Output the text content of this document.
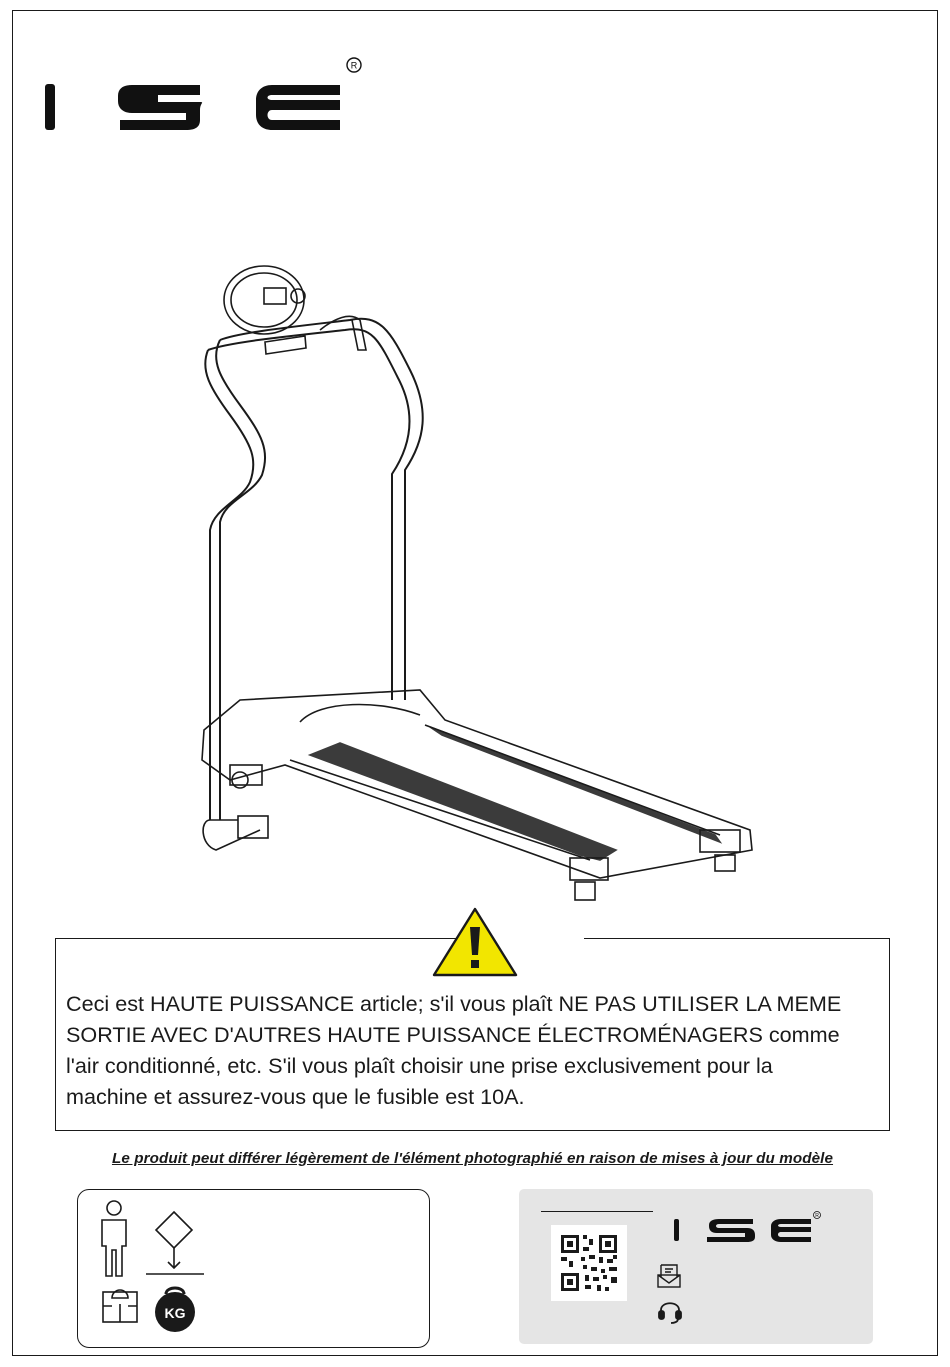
R

Ceci est HAUTE PUISSANCE article; s'il vous plaît NE PAS UTILISER LA MEME
SORTIE AVEC D'AUTRES HAUTE PUISSANCE ÉLECTROMÉNAGERS comme
l'air conditionné, etc. S'il vous plaît choisir une prise exclusivement pour la
machine et assurez-vous que le fusible est 10A.

Le produit peut différer légèrement de l'élément photographié en raison de mises à jour du modèle

KG
R
